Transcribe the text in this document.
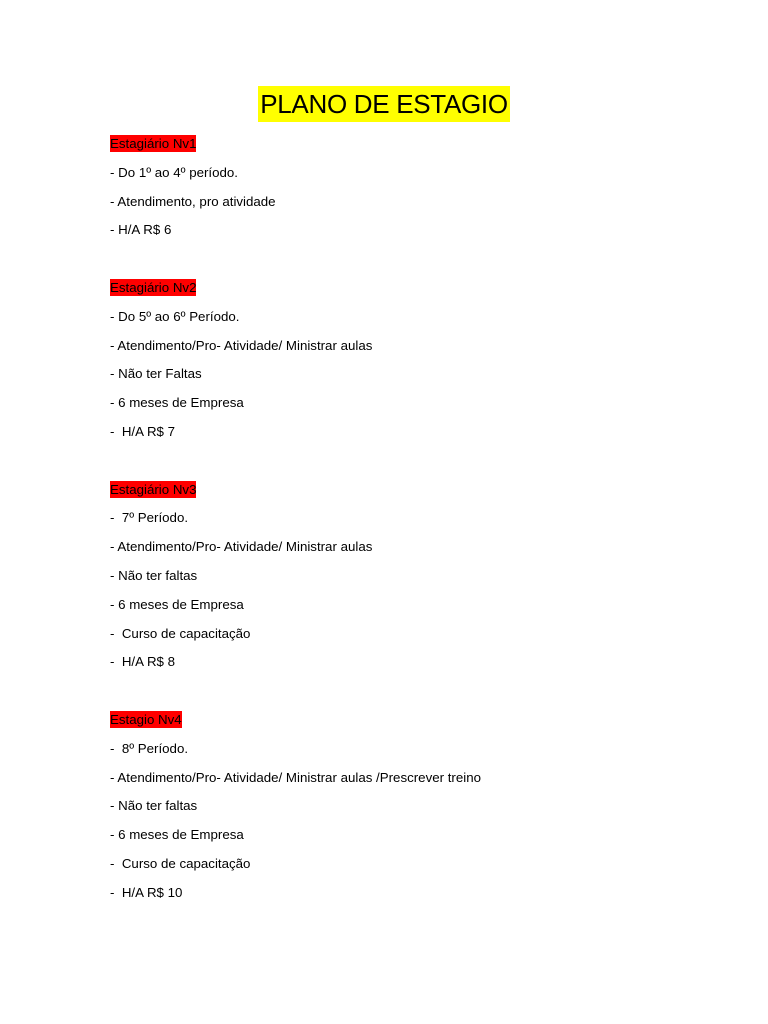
PLANO DE ESTAGIO
Estagiário Nv1
- Do 1º ao 4º período.
- Atendimento, pro atividade
- H/A R$ 6
Estagiário Nv2
- Do 5º ao 6º Período.
- Atendimento/Pro- Atividade/ Ministrar aulas
- Não ter Faltas
- 6 meses de Empresa
-  H/A R$ 7
Estagiário Nv3
-  7º Período.
- Atendimento/Pro- Atividade/ Ministrar aulas
- Não ter faltas
- 6 meses de Empresa
-  Curso de capacitação
-  H/A R$ 8
Estagio Nv4
-  8º Período.
- Atendimento/Pro- Atividade/ Ministrar aulas /Prescrever treino
- Não ter faltas
- 6 meses de Empresa
-  Curso de capacitação
-  H/A R$ 10
